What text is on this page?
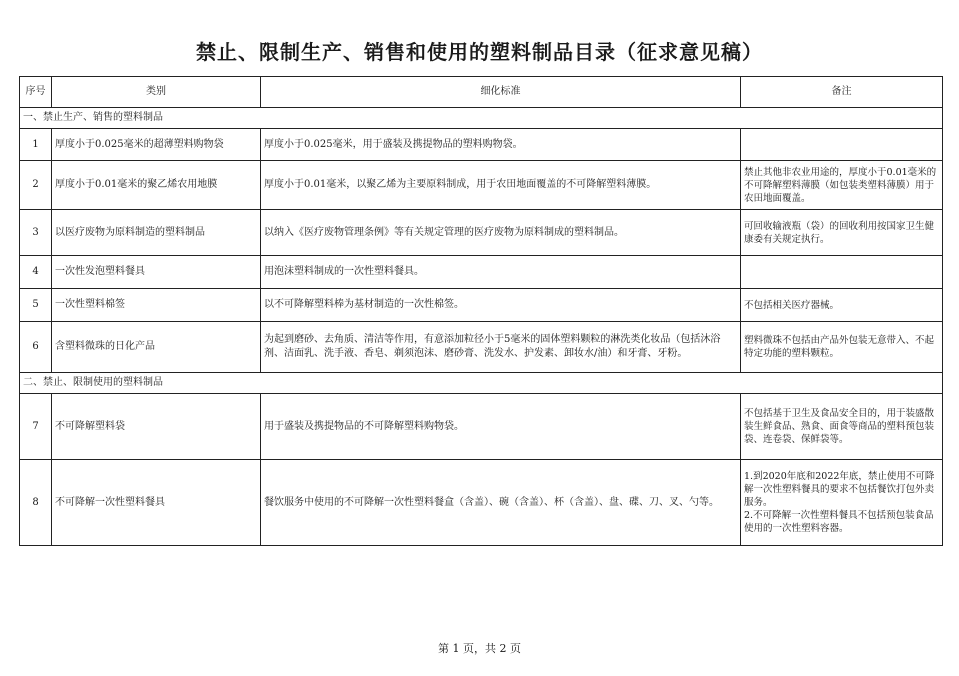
禁止、限制生产、销售和使用的塑料制品目录（征求意见稿）
序号	类别	细化标准	备注
一、禁止生产、销售的塑料制品			
1	厚度小于0.025毫米的超薄塑料购物袋	厚度小于0.025毫米，用于盛装及携提物品的塑料购物袋。	
2	厚度小于0.01毫米的聚乙烯农用地膜	厚度小于0.01毫米，以聚乙烯为主要原料制成，用于农田地面覆盖的不可降解塑料薄膜。	禁止其他非农业用途的，厚度小于0.01毫米的不可降解塑料薄膜（如包装类塑料薄膜）用于农田地面覆盖。
3	以医疗废物为原料制造的塑料制品	以纳入《医疗废物管理条例》等有关规定管理的医疗废物为原料制成的塑料制品。	可回收输液瓶（袋）的回收利用按国家卫生健康委有关规定执行。
4	一次性发泡塑料餐具	用泡沫塑料制成的一次性塑料餐具。	
5	一次性塑料棉签	以不可降解塑料棒为基材制造的一次性棉签。	不包括相关医疗器械。
6	含塑料微珠的日化产品	为起到磨砂、去角质、清洁等作用，有意添加粒径小于5毫米的固体塑料颗粒的淋洗类化妆品（包括沐浴剂、洁面乳、洗手液、香皂、剃须泡沫、磨砂膏、洗发水、护发素、卸妆水/油）和牙膏、牙粉。	塑料微珠不包括由产品外包装无意带入、不起特定功能的塑料颗粒。
二、禁止、限制使用的塑料制品			
7	不可降解塑料袋	用于盛装及携提物品的不可降解塑料购物袋。	不包括基于卫生及食品安全目的，用于装盛散装生鲜食品、熟食、面食等商品的塑料预包装袋、连卷袋、保鲜袋等。
8	不可降解一次性塑料餐具	餐饮服务中使用的不可降解一次性塑料餐盒（含盖）、碗（含盖）、杯（含盖）、盘、碟、刀、叉、勺等。	1.到2020年底和2022年底，禁止使用不可降解一次性塑料餐具的要求不包括餐饮打包外卖服务。
2.不可降解一次性塑料餐具不包括预包装食品使用的一次性塑料容器。
第 1 页，共 2 页
